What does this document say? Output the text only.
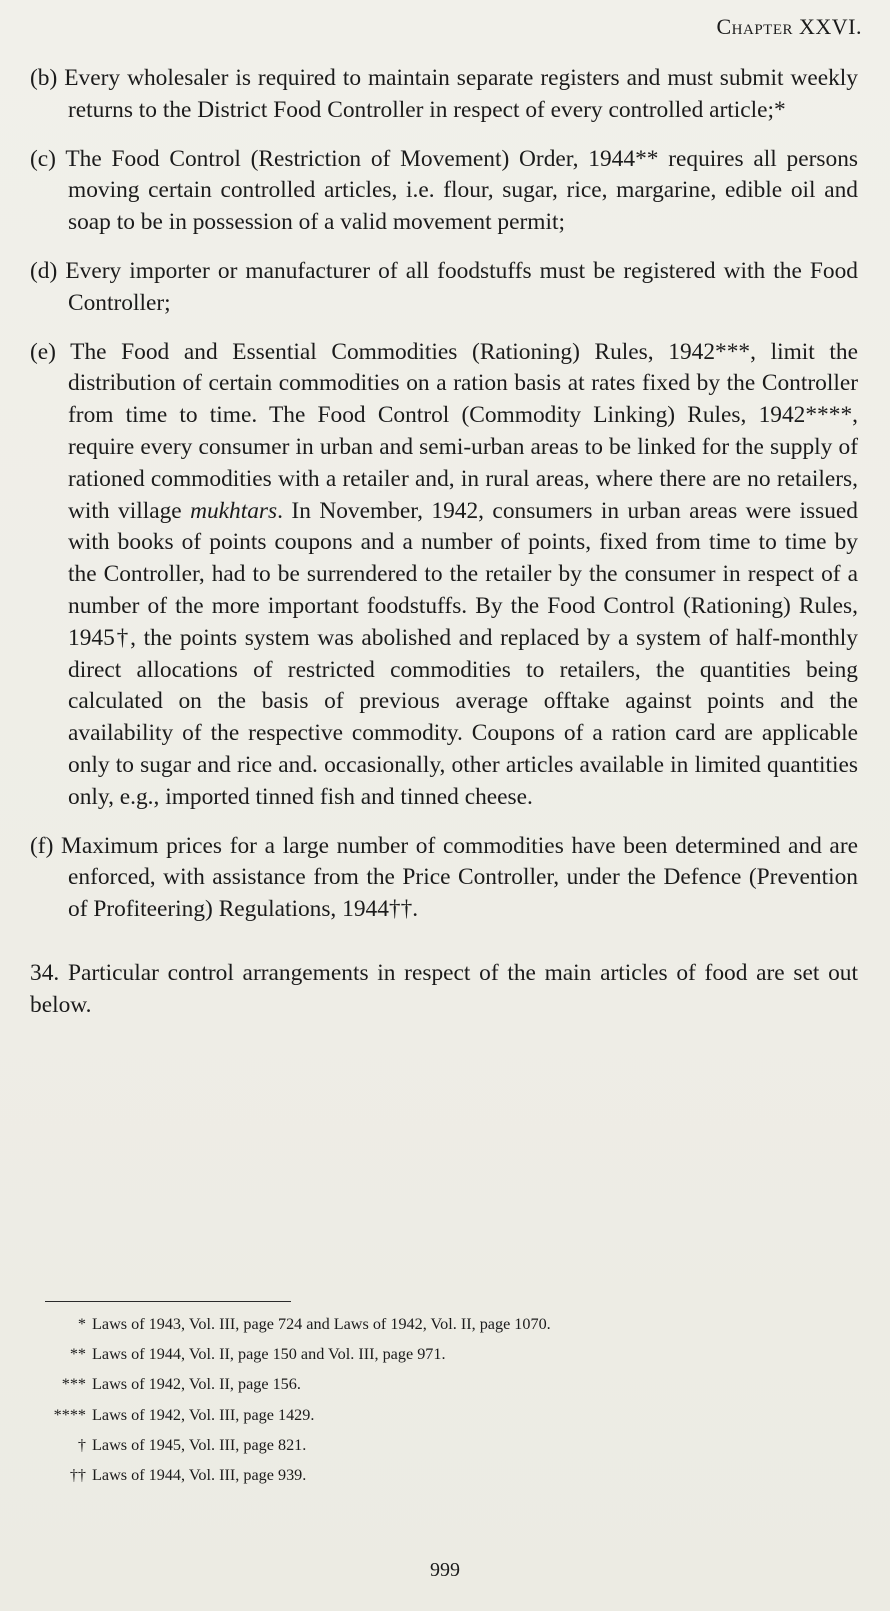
Chapter XXVI.

(b) Every wholesaler is required to maintain separate registers and must submit weekly returns to the District Food Controller in respect of every controlled article;*

(c) The Food Control (Restriction of Movement) Order, 1944** requires all persons moving certain controlled articles, i.e. flour, sugar, rice, margarine, edible oil and soap to be in possession of a valid movement permit;

(d) Every importer or manufacturer of all foodstuffs must be registered with the Food Controller;

(e) The Food and Essential Commodities (Rationing) Rules, 1942***, limit the distribution of certain commodities on a ration basis at rates fixed by the Controller from time to time. The Food Control (Commodity Linking) Rules, 1942****, require every consumer in urban and semi-urban areas to be linked for the supply of rationed commodities with a retailer and, in rural areas, where there are no retailers, with village mukhtars. In November, 1942, consumers in urban areas were issued with books of points coupons and a number of points, fixed from time to time by the Controller, had to be surrendered to the retailer by the consumer in respect of a number of the more important foodstuffs. By the Food Control (Rationing) Rules, 1945†, the points system was abolished and replaced by a system of half-monthly direct allocations of restricted commodities to retailers, the quantities being calculated on the basis of previous average offtake against points and the availability of the respective commodity. Coupons of a ration card are applicable only to sugar and rice and. occasionally, other articles available in limited quantities only, e.g., imported tinned fish and tinned cheese.

(f) Maximum prices for a large number of commodities have been determined and are enforced, with assistance from the Price Controller, under the Defence (Prevention of Profiteering) Regulations, 1944††.

34. Particular control arrangements in respect of the main articles of food are set out below.

* Laws of 1943, Vol. III, page 724 and Laws of 1942, Vol. II, page 1070.
** Laws of 1944, Vol. II, page 150 and Vol. III, page 971.
*** Laws of 1942, Vol. II, page 156.
**** Laws of 1942, Vol. III, page 1429.
† Laws of 1945, Vol. III, page 821.
†† Laws of 1944, Vol. III, page 939.
999
